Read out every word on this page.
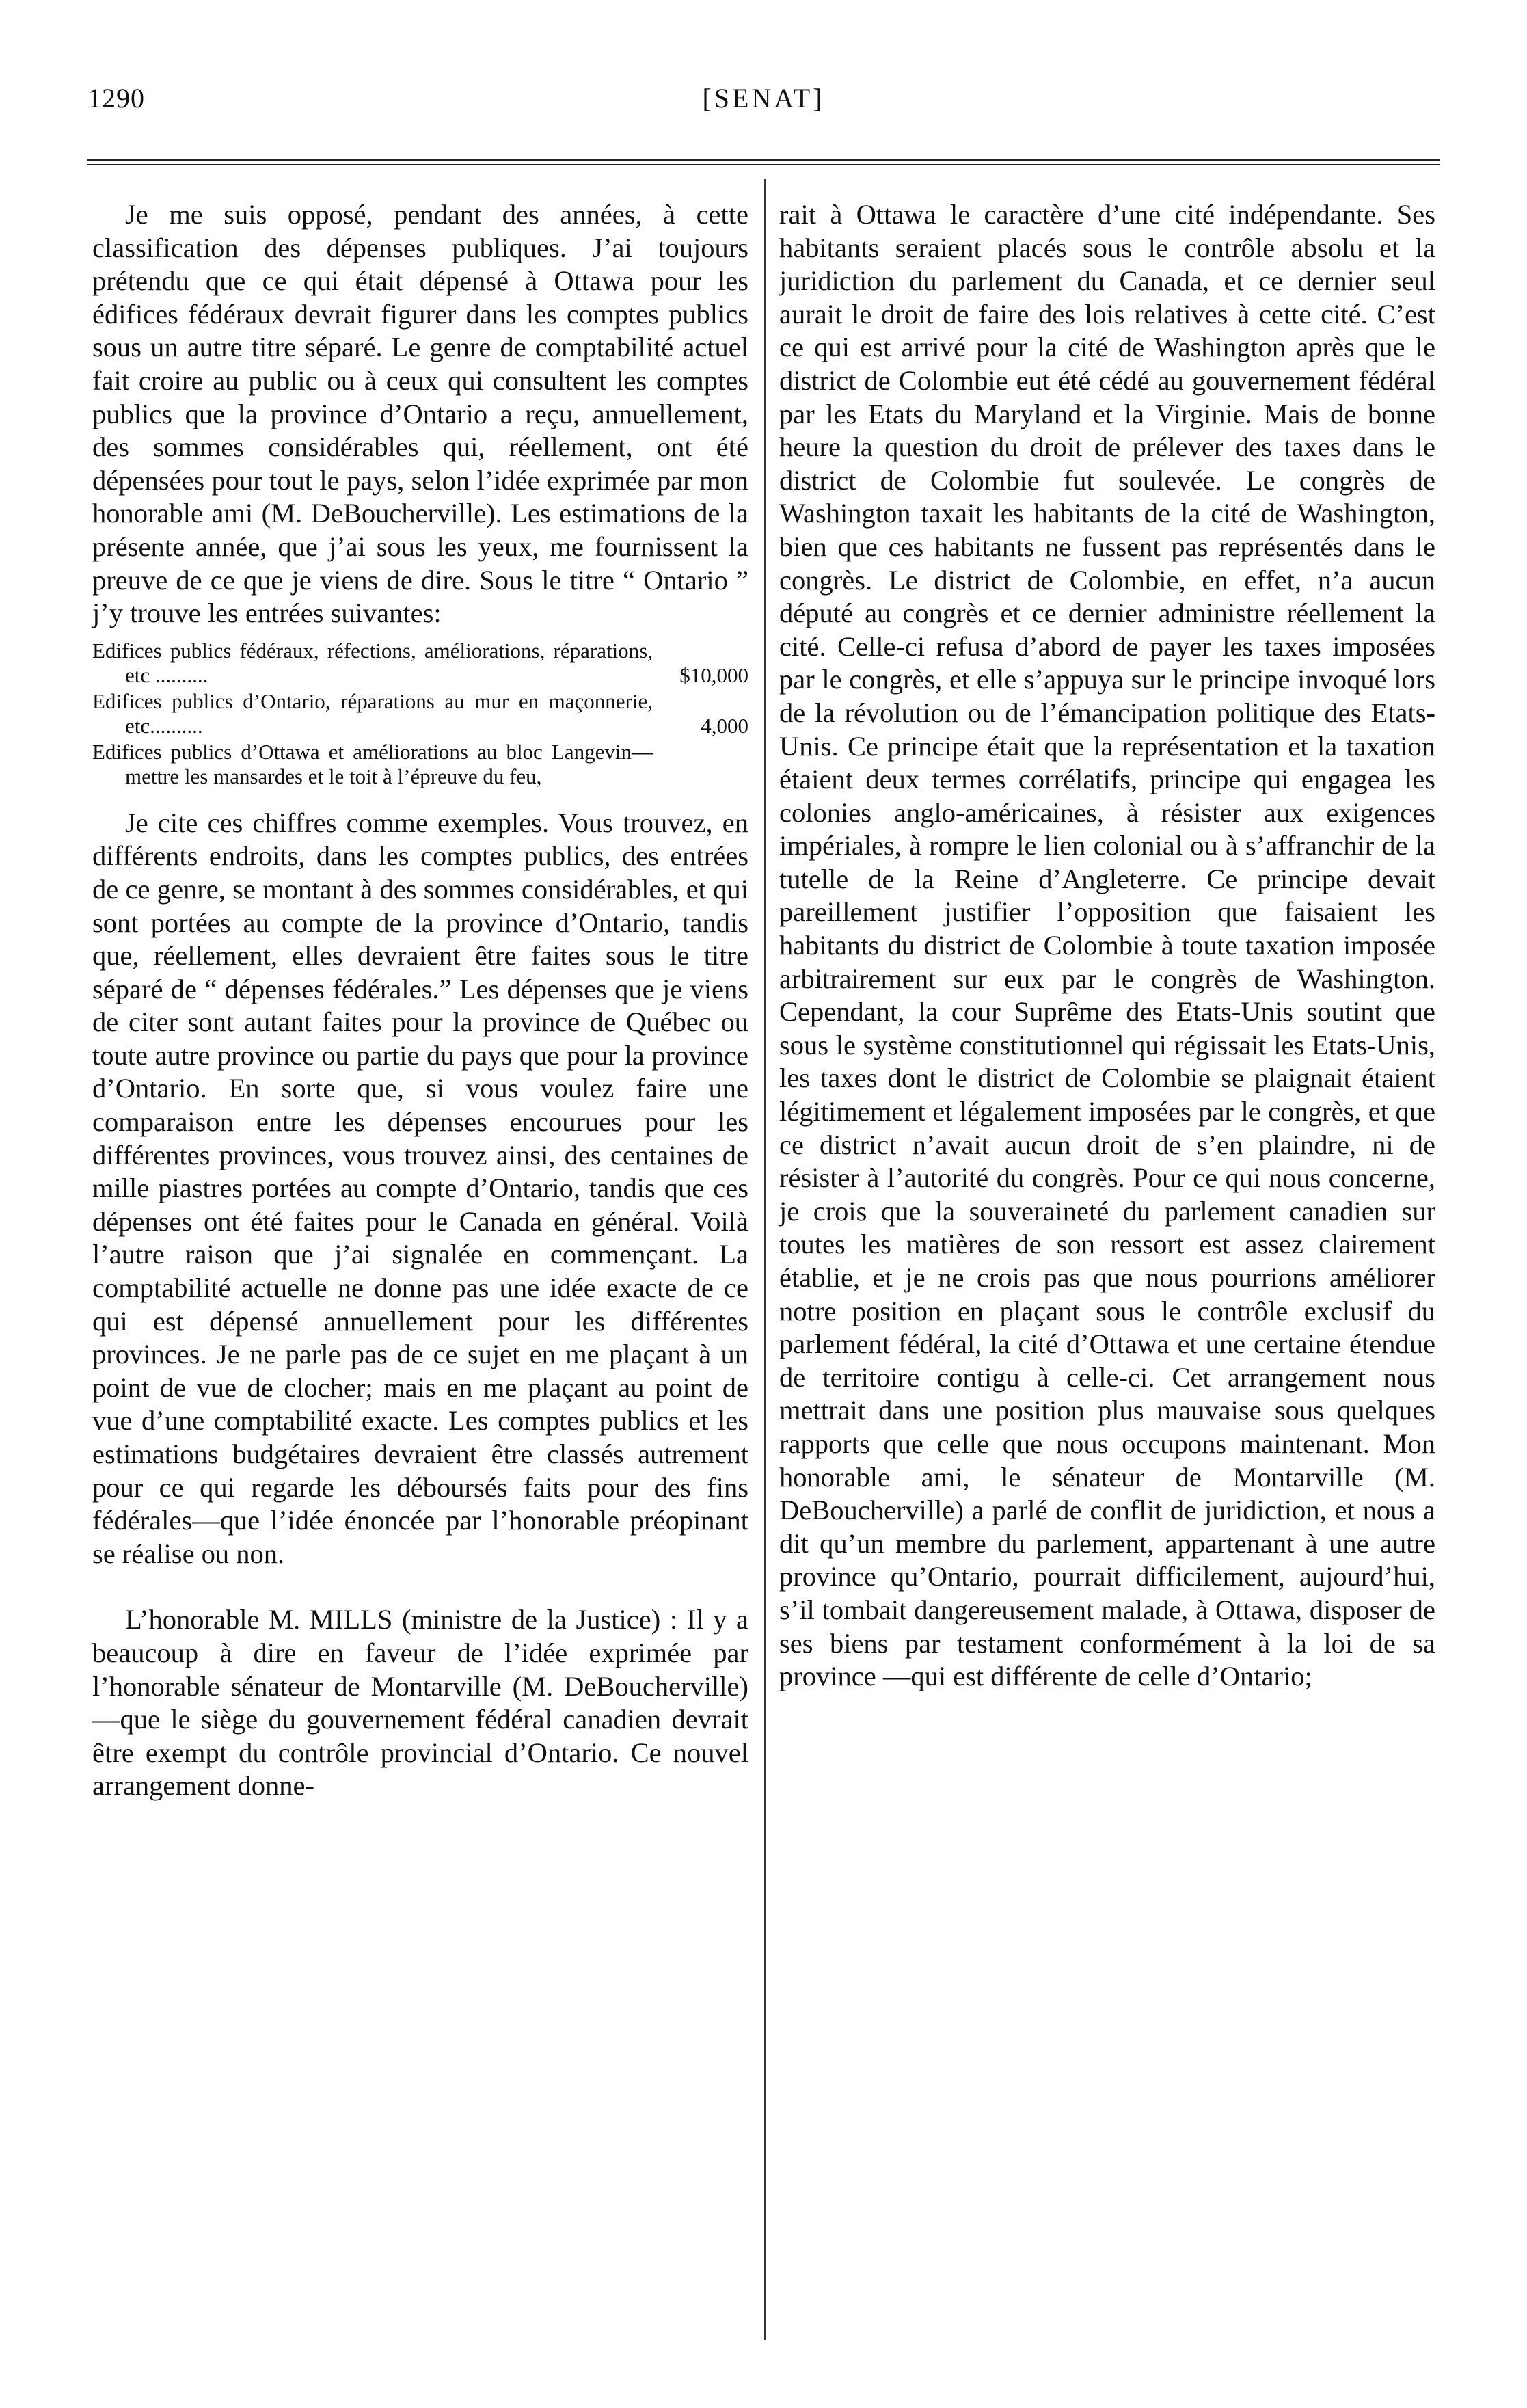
1290	[SENAT]

Je me suis opposé, pendant des années, à cette classification des dépenses publiques. J’ai toujours prétendu que ce qui était dépensé à Ottawa pour les édifices fédéraux devrait figurer dans les comptes publics sous un autre titre séparé. Le genre de comptabilité actuel fait croire au public ou à ceux qui consultent les comptes publics que la province d’Ontario a reçu, annuellement, des sommes considérables qui, réellement, ont été dépensées pour tout le pays, selon l’idée exprimée par mon honorable ami (M. DeBoucherville). Les estimations de la présente année, que j’ai sous les yeux, me fournissent la preuve de ce que je viens de dire. Sous le titre “ Ontario ” j’y trouve les entrées suivantes:

Edifices publics fédéraux, réfections, améliorations, réparations, etc ..........	$10,000
Edifices publics d’Ontario, réparations au mur en maçonnerie, etc..........	4,000
Edifices publics d’Ottawa et améliorations au bloc Langevin—mettre les mansardes et le toit à l’épreuve du feu,

Je cite ces chiffres comme exemples. Vous trouvez, en différents endroits, dans les comptes publics, des entrées de ce genre, se montant à des sommes considérables, et qui sont portées au compte de la province d’Ontario, tandis que, réellement, elles devraient être faites sous le titre séparé de “ dépenses fédérales.” Les dépenses que je viens de citer sont autant faites pour la province de Québec ou toute autre province ou partie du pays que pour la province d’Ontario. En sorte que, si vous voulez faire une comparaison entre les dépenses encourues pour les différentes provinces, vous trouvez ainsi, des centaines de mille piastres portées au compte d’Ontario, tandis que ces dépenses ont été faites pour le Canada en général. Voilà l’autre raison que j’ai signalée en commençant. La comptabilité actuelle ne donne pas une idée exacte de ce qui est dépensé annuellement pour les différentes provinces. Je ne parle pas de ce sujet en me plaçant à un point de vue de clocher; mais en me plaçant au point de vue d’une comptabilité exacte. Les comptes publics et les estimations budgétaires devraient être classés autrement pour ce qui regarde les déboursés faits pour des fins fédérales—que l’idée énoncée par l’honorable préopinant se réalise ou non.

L’honorable M. MILLS (ministre de la Justice) : Il y a beaucoup à dire en faveur de l’idée exprimée par l’honorable sénateur de Montarville (M. DeBoucherville)—que le siège du gouvernement fédéral canadien devrait être exempt du contrôle provincial d’Ontario. Ce nouvel arrangement donne-

rait à Ottawa le caractère d’une cité indépendante. Ses habitants seraient placés sous le contrôle absolu et la juridiction du parlement du Canada, et ce dernier seul aurait le droit de faire des lois relatives à cette cité. C’est ce qui est arrivé pour la cité de Washington après que le district de Colombie eut été cédé au gouvernement fédéral par les Etats du Maryland et la Virginie. Mais de bonne heure la question du droit de prélever des taxes dans le district de Colombie fut soulevée. Le congrès de Washington taxait les habitants de la cité de Washington, bien que ces habitants ne fussent pas représentés dans le congrès. Le district de Colombie, en effet, n’a aucun député au congrès et ce dernier administre réellement la cité. Celle-ci refusa d’abord de payer les taxes imposées par le congrès, et elle s’appuya sur le principe invoqué lors de la révolution ou de l’émancipation politique des Etats-Unis. Ce principe était que la représentation et la taxation étaient deux termes corrélatifs, principe qui engagea les colonies anglo-américaines, à résister aux exigences impériales, à rompre le lien colonial ou à s’affranchir de la tutelle de la Reine d’Angleterre. Ce principe devait pareillement justifier l’opposition que faisaient les habitants du district de Colombie à toute taxation imposée arbitrairement sur eux par le congrès de Washington. Cependant, la cour Suprême des Etats-Unis soutint que sous le système constitutionnel qui régissait les Etats-Unis, les taxes dont le district de Colombie se plaignait étaient légitimement et légalement imposées par le congrès, et que ce district n’avait aucun droit de s’en plaindre, ni de résister à l’autorité du congrès. Pour ce qui nous concerne, je crois que la souveraineté du parlement canadien sur toutes les matières de son ressort est assez clairement établie, et je ne crois pas que nous pourrions améliorer notre position en plaçant sous le contrôle exclusif du parlement fédéral, la cité d’Ottawa et une certaine étendue de territoire contigu à celle-ci. Cet arrangement nous mettrait dans une position plus mauvaise sous quelques rapports que celle que nous occupons maintenant. Mon honorable ami, le sénateur de Montarville (M. DeBoucherville) a parlé de conflit de juridiction, et nous a dit qu’un membre du parlement, appartenant à une autre province qu’Ontario, pourrait difficilement, aujourd’hui, s’il tombait dangereusement malade, à Ottawa, disposer de ses biens par testament conformément à la loi de sa province —qui est différente de celle d’Ontario;
